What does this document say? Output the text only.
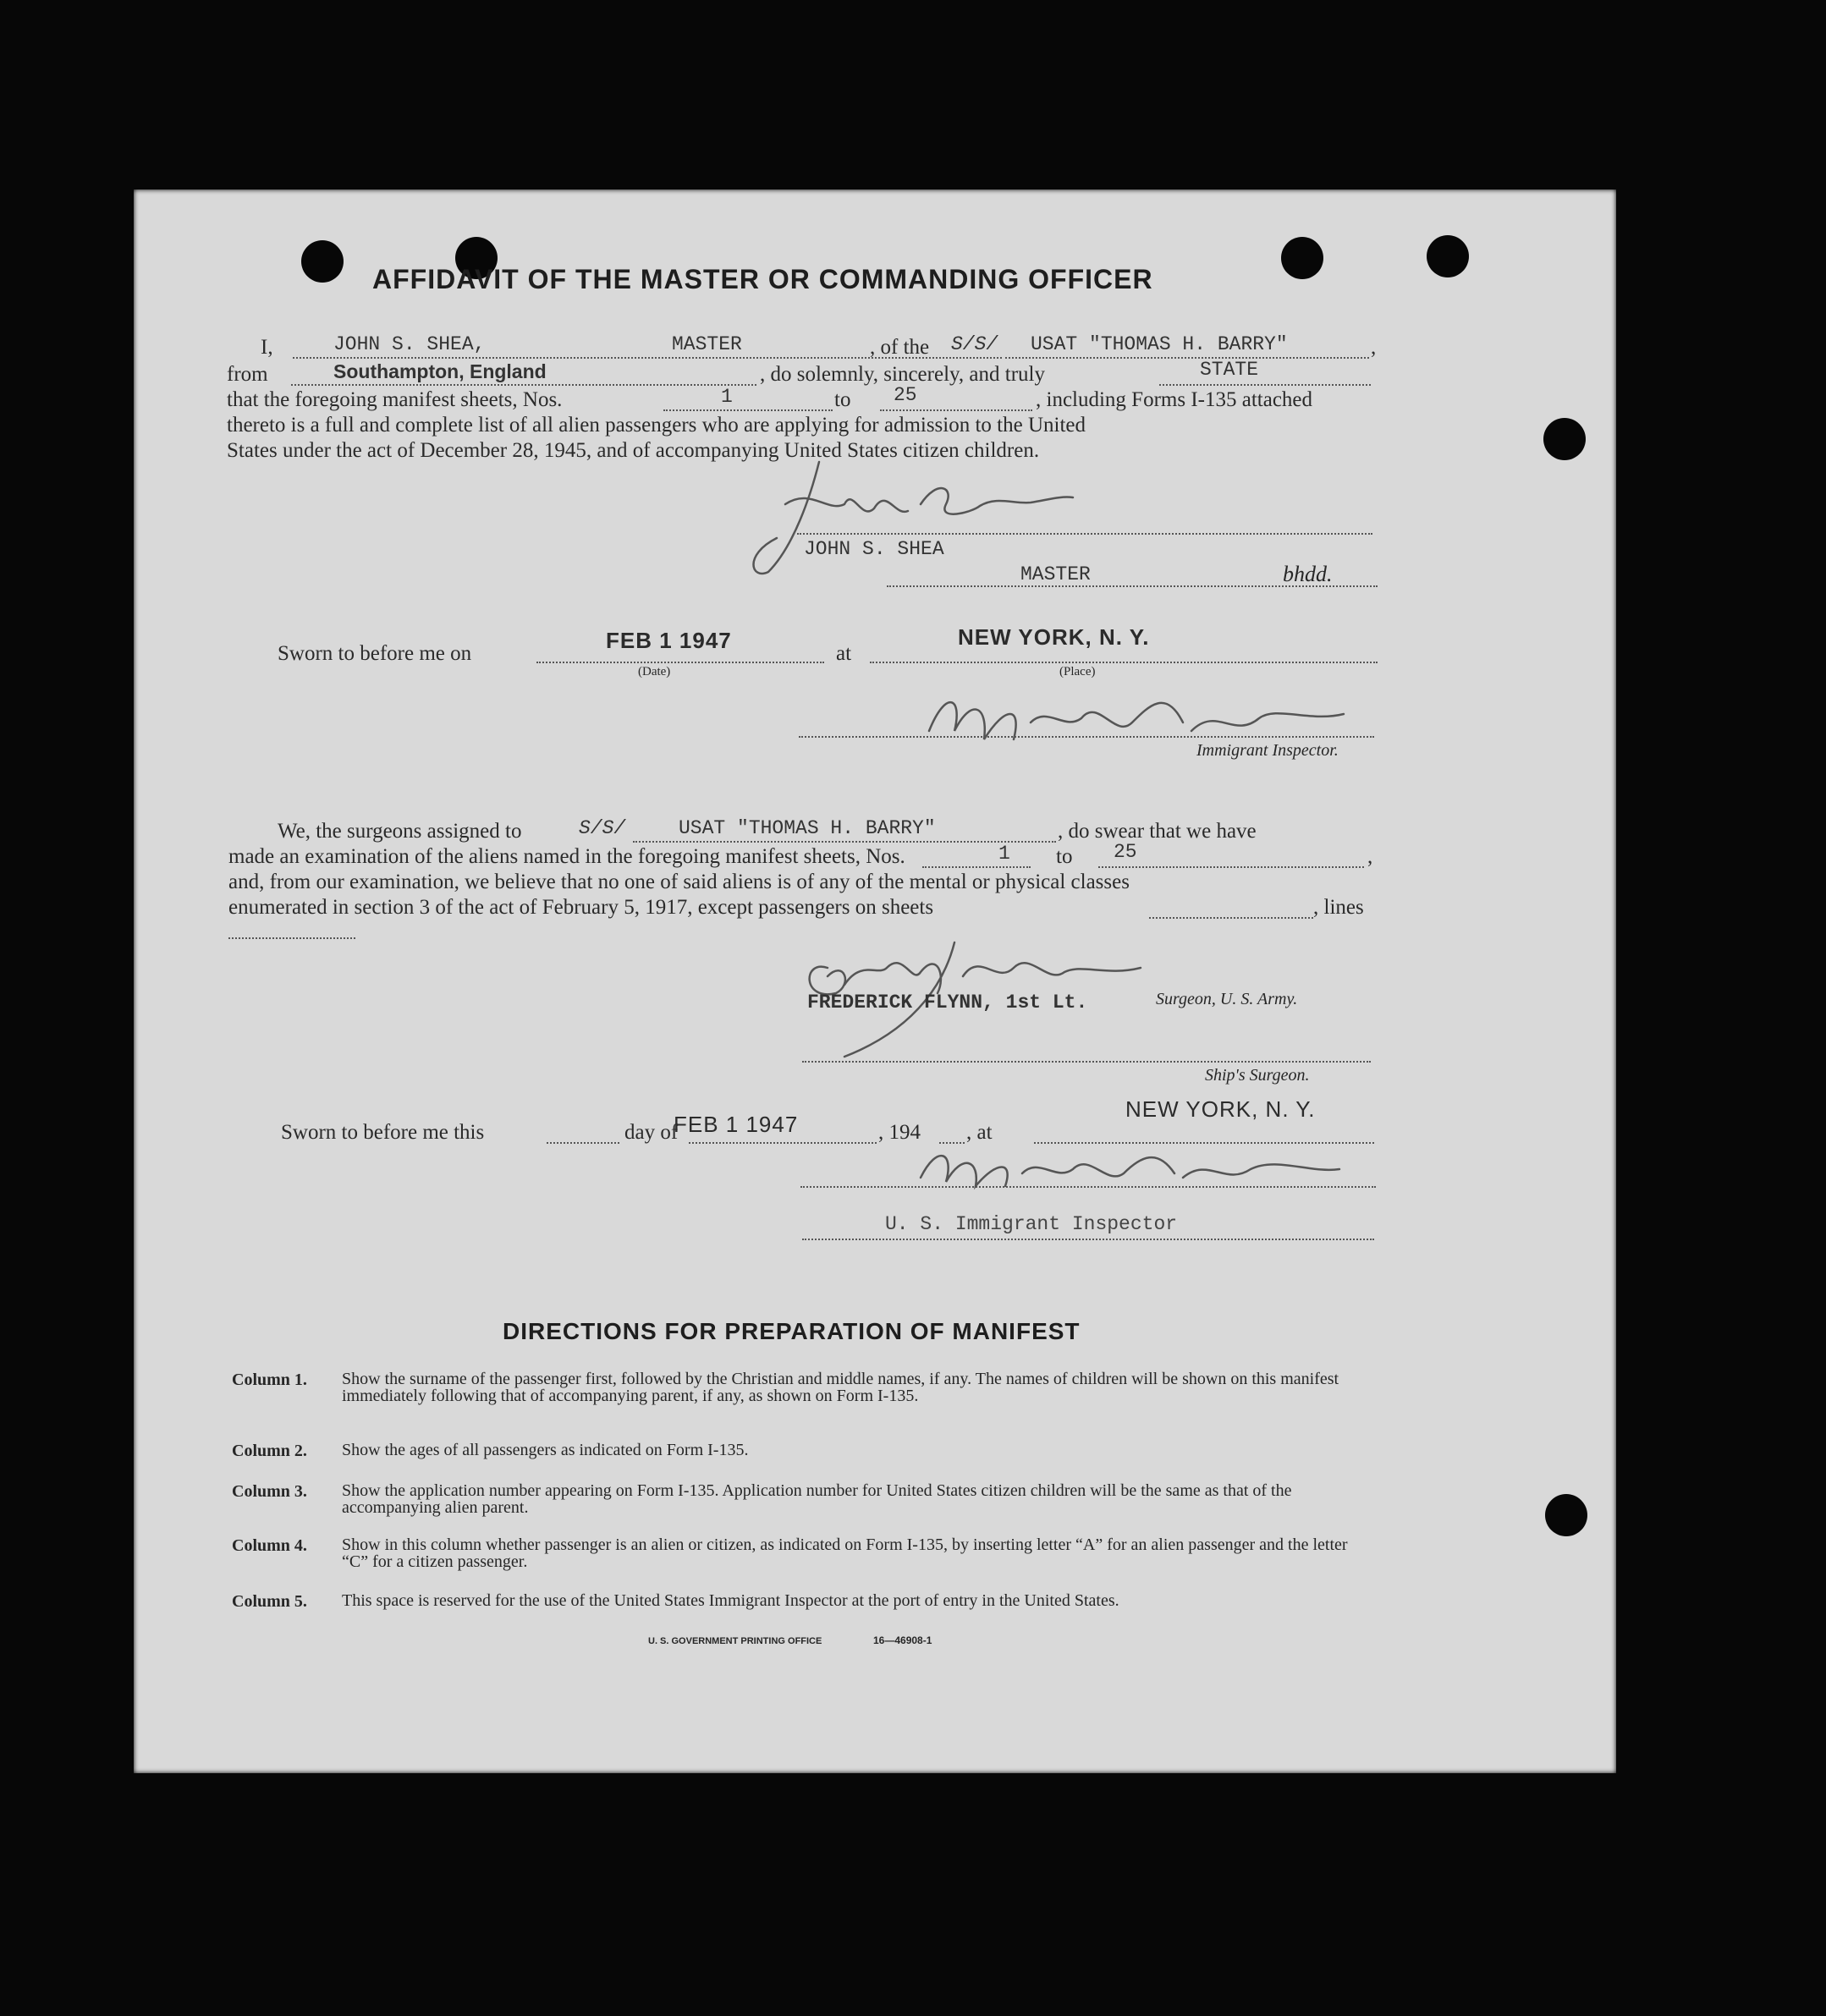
AFFIDAVIT OF THE MASTER OR COMMANDING OFFICER
I,	JOHN S. SHEA,	MASTER	, of the S/S/ USAT "THOMAS H. BARRY"	,
from	Southampton, England	, do solemnly, sincerely, and truly	STATE
that the foregoing manifest sheets, Nos.	1	to 25	, including Forms I-135 attached
thereto is a full and complete list of all alien passengers who are applying for admission to the United
States under the act of December 28, 1945, and of accompanying United States citizen children.
JOHN S. SHEA
MASTER	bhdd.
Sworn to before me on
FEB 1 1947
(Date)
at
NEW YORK, N. Y.
(Place)
Immigrant Inspector.
We, the surgeons assigned to	S/S/	USAT "THOMAS H. BARRY"	, do swear that we have
made an examination of the aliens named in the foregoing manifest sheets, Nos.	1 to 25	,
and, from our examination, we believe that no one of said aliens is of any of the mental or physical classes
enumerated in section 3 of the act of February 5, 1917, except passengers on sheets	, lines
FREDERICK FLYNN, 1st Lt.	Surgeon, U. S. Army.
Ship's Surgeon.
Sworn to before me this	day of
FEB 1 1947	, 194 , at
NEW YORK, N. Y.
U. S. Immigrant Inspector
DIRECTIONS FOR PREPARATION OF MANIFEST
Column 1. Show the surname of the passenger first, followed by the Christian and middle names, if any. The names of children will be shown on this manifest immediately following that of accompanying parent, if any, as shown on Form I-135.
Column 2. Show the ages of all passengers as indicated on Form I-135.
Column 3. Show the application number appearing on Form I-135. Application number for United States citizen children will be the same as that of the accompanying alien parent.
Column 4. Show in this column whether passenger is an alien or citizen, as indicated on Form I-135, by inserting letter “A” for an alien passenger and the letter “C” for a citizen passenger.
Column 5. This space is reserved for the use of the United States Immigrant Inspector at the port of entry in the United States.
U. S. GOVERNMENT PRINTING OFFICE	16—46908-1
